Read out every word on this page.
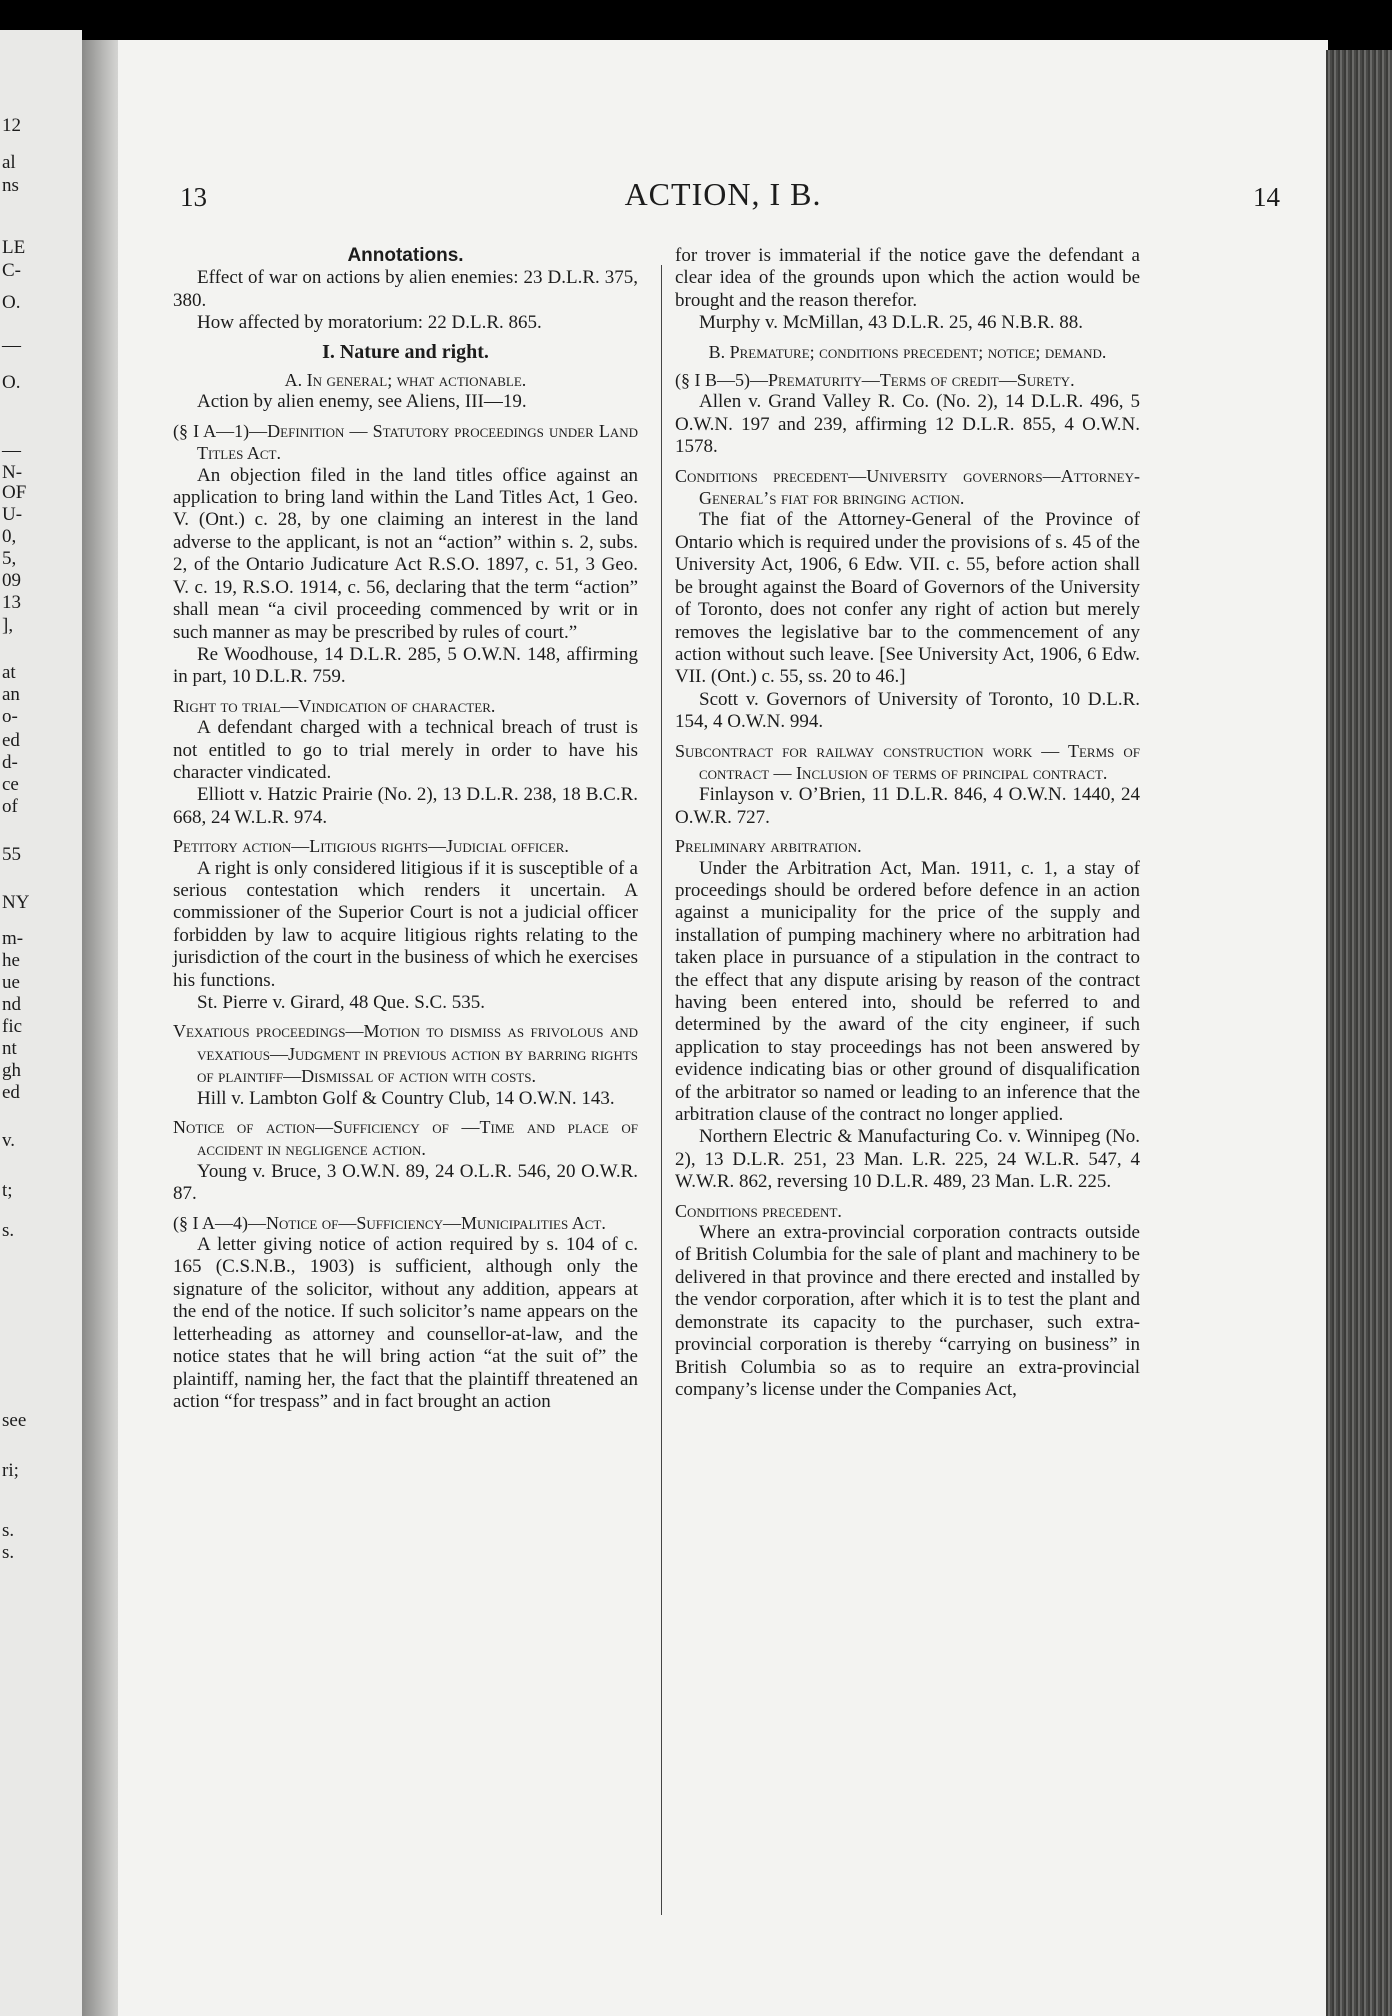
12
al
ns
LE
C-
O.
—
O.
—
N-
OF
U-
0,
5,
09
13
],
at
an
o-
ed
d-
ce
of
55
NY
m-
he
ue
nd
fic
nt
gh
ed
v.
t;
s.
see
ri;
s.
s.
13	ACTION, I B.	14
Annotations.
Effect of war on actions by alien enemies: 23 D.L.R. 375, 380.
How affected by moratorium: 22 D.L.R. 865.
I. Nature and right.
A. In general; what actionable.
Action by alien enemy, see Aliens, III—19.
(§ I A—1)—Definition — Statutory proceedings under Land Titles Act.
An objection filed in the land titles office against an application to bring land within the Land Titles Act, 1 Geo. V. (Ont.) c. 28, by one claiming an interest in the land adverse to the applicant, is not an “action” within s. 2, subs. 2, of the Ontario Judicature Act R.S.O. 1897, c. 51, 3 Geo. V. c. 19, R.S.O. 1914, c. 56, declaring that the term “action” shall mean “a civil proceeding commenced by writ or in such manner as may be prescribed by rules of court.”
Re Woodhouse, 14 D.L.R. 285, 5 O.W.N. 148, affirming in part, 10 D.L.R. 759.
Right to trial—Vindication of character.
A defendant charged with a technical breach of trust is not entitled to go to trial merely in order to have his character vindicated.
Elliott v. Hatzic Prairie (No. 2), 13 D.L.R. 238, 18 B.C.R. 668, 24 W.L.R. 974.
Petitory action—Litigious rights—Judicial officer.
A right is only considered litigious if it is susceptible of a serious contestation which renders it uncertain. A commissioner of the Superior Court is not a judicial officer forbidden by law to acquire litigious rights relating to the jurisdiction of the court in the business of which he exercises his functions.
St. Pierre v. Girard, 48 Que. S.C. 535.
Vexatious proceedings—Motion to dismiss as frivolous and vexatious—Judgment in previous action by barring rights of plaintiff—Dismissal of action with costs.
Hill v. Lambton Golf & Country Club, 14 O.W.N. 143.
Notice of action—Sufficiency of —Time and place of accident in negligence action.
Young v. Bruce, 3 O.W.N. 89, 24 O.L.R. 546, 20 O.W.R. 87.
(§ I A—4)—Notice of—Sufficiency—Municipalities Act.
A letter giving notice of action required by s. 104 of c. 165 (C.S.N.B., 1903) is sufficient, although only the signature of the solicitor, without any addition, appears at the end of the notice. If such solicitor’s name appears on the letterheading as attorney and counsellor-at-law, and the notice states that he will bring action “at the suit of” the plaintiff, naming her, the fact that the plaintiff threatened an action “for trespass” and in fact brought an action
for trover is immaterial if the notice gave the defendant a clear idea of the grounds upon which the action would be brought and the reason therefor.
Murphy v. McMillan, 43 D.L.R. 25, 46 N.B.R. 88.
B. Premature; conditions precedent; notice; demand.
(§ I B—5)—Prematurity—Terms of credit—Surety.
Allen v. Grand Valley R. Co. (No. 2), 14 D.L.R. 496, 5 O.W.N. 197 and 239, affirming 12 D.L.R. 855, 4 O.W.N. 1578.
Conditions precedent—University governors—Attorney-General’s fiat for bringing action.
The fiat of the Attorney-General of the Province of Ontario which is required under the provisions of s. 45 of the University Act, 1906, 6 Edw. VII. c. 55, before action shall be brought against the Board of Governors of the University of Toronto, does not confer any right of action but merely removes the legislative bar to the commencement of any action without such leave. [See University Act, 1906, 6 Edw. VII. (Ont.) c. 55, ss. 20 to 46.]
Scott v. Governors of University of Toronto, 10 D.L.R. 154, 4 O.W.N. 994.
Subcontract for railway construction work — Terms of contract — Inclusion of terms of principal contract.
Finlayson v. O’Brien, 11 D.L.R. 846, 4 O.W.N. 1440, 24 O.W.R. 727.
Preliminary arbitration.
Under the Arbitration Act, Man. 1911, c. 1, a stay of proceedings should be ordered before defence in an action against a municipality for the price of the supply and installation of pumping machinery where no arbitration had taken place in pursuance of a stipulation in the contract to the effect that any dispute arising by reason of the contract having been entered into, should be referred to and determined by the award of the city engineer, if such application to stay proceedings has not been answered by evidence indicating bias or other ground of disqualification of the arbitrator so named or leading to an inference that the arbitration clause of the contract no longer applied.
Northern Electric & Manufacturing Co. v. Winnipeg (No. 2), 13 D.L.R. 251, 23 Man. L.R. 225, 24 W.L.R. 547, 4 W.W.R. 862, reversing 10 D.L.R. 489, 23 Man. L.R. 225.
Conditions precedent.
Where an extra-provincial corporation contracts outside of British Columbia for the sale of plant and machinery to be delivered in that province and there erected and installed by the vendor corporation, after which it is to test the plant and demonstrate its capacity to the purchaser, such extra-provincial corporation is thereby “carrying on business” in British Columbia so as to require an extra-provincial company’s license under the Companies Act,
